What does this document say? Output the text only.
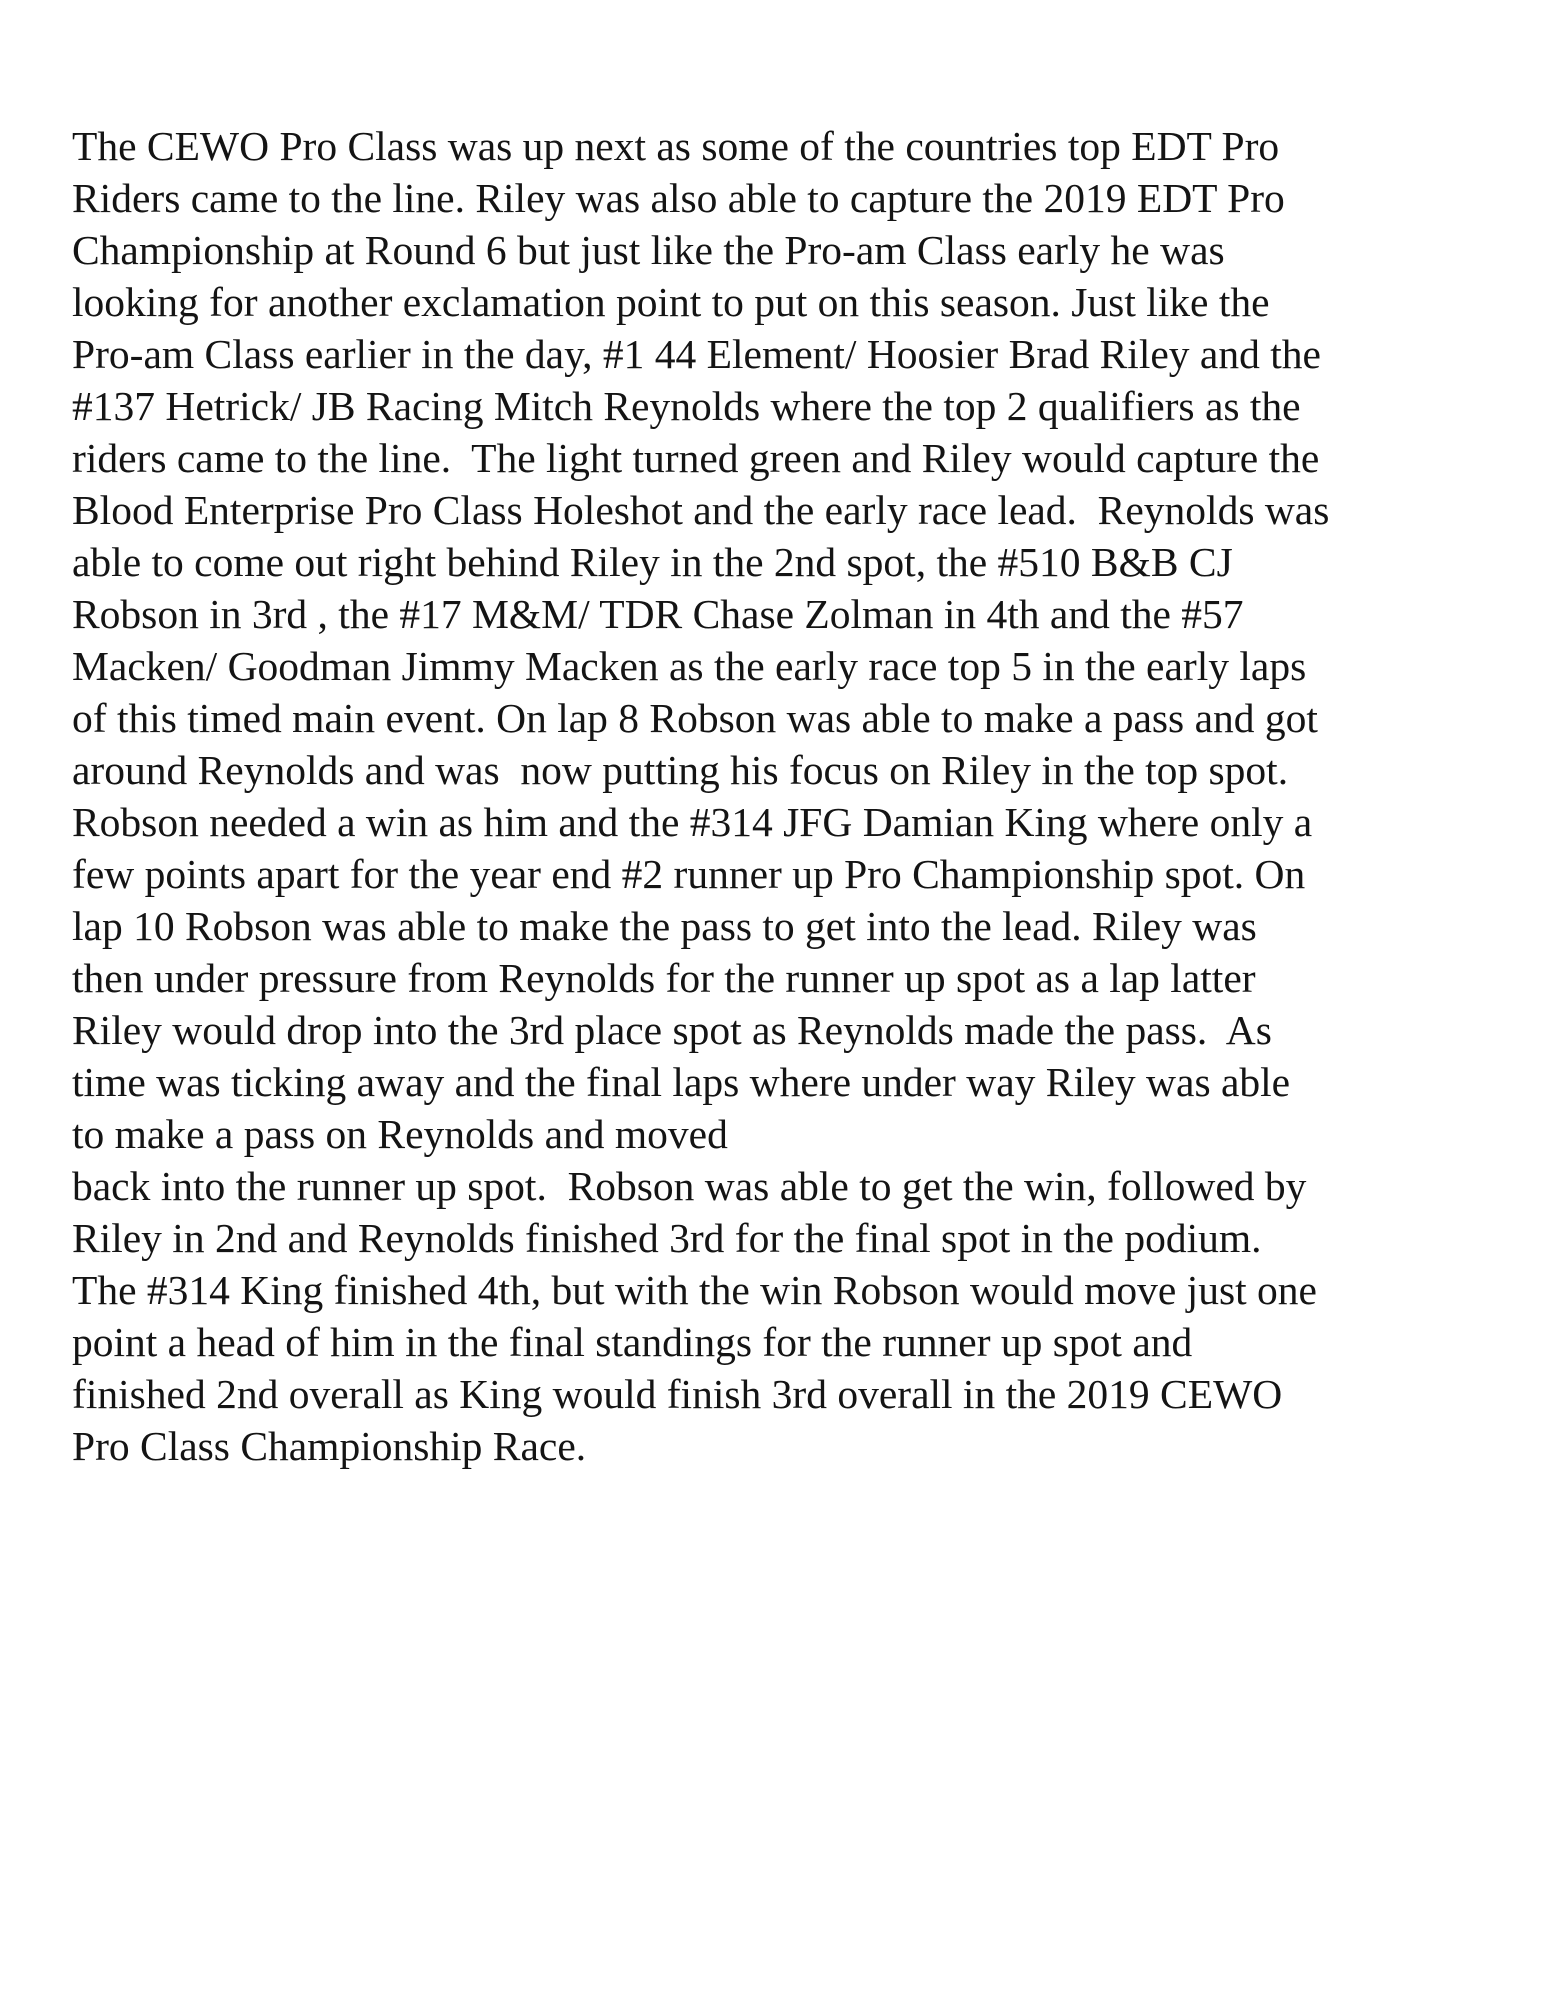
The CEWO Pro Class was up next as some of the countries top EDT Pro
Riders came to the line. Riley was also able to capture the 2019 EDT Pro
Championship at Round 6 but just like the Pro-am Class early he was
looking for another exclamation point to put on this season. Just like the
Pro-am Class earlier in the day, #1 44 Element/ Hoosier Brad Riley and the
#137 Hetrick/ JB Racing Mitch Reynolds where the top 2 qualifiers as the
riders came to the line.  The light turned green and Riley would capture the
Blood Enterprise Pro Class Holeshot and the early race lead.  Reynolds was
able to come out right behind Riley in the 2nd spot, the #510 B&B CJ
Robson in 3rd , the #17 M&M/ TDR Chase Zolman in 4th and the #57
Macken/ Goodman Jimmy Macken as the early race top 5 in the early laps
of this timed main event. On lap 8 Robson was able to make a pass and got
around Reynolds and was  now putting his focus on Riley in the top spot.
Robson needed a win as him and the #314 JFG Damian King where only a
few points apart for the year end #2 runner up Pro Championship spot. On
lap 10 Robson was able to make the pass to get into the lead. Riley was
then under pressure from Reynolds for the runner up spot as a lap latter
Riley would drop into the 3rd place spot as Reynolds made the pass.  As
time was ticking away and the final laps where under way Riley was able
to make a pass on Reynolds and moved
back into the runner up spot.  Robson was able to get the win, followed by
Riley in 2nd and Reynolds finished 3rd for the final spot in the podium.
The #314 King finished 4th, but with the win Robson would move just one
point a head of him in the final standings for the runner up spot and
finished 2nd overall as King would finish 3rd overall in the 2019 CEWO
Pro Class Championship Race.
